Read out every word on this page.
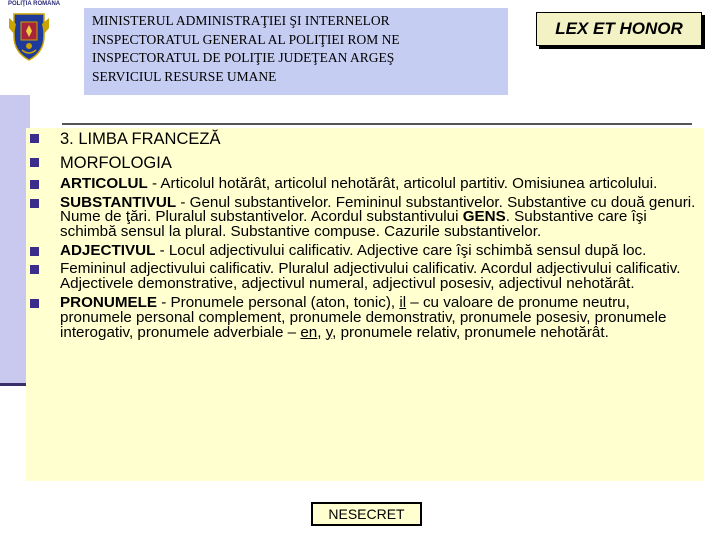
POLIŢIA ROMÂNĂ
MINISTERUL ADMINISTRAŢIEI ŞI INTERNELOR
INSPECTORATUL GENERAL AL POLIŢIEI ROM NE
INSPECTORATUL DE POLIŢIE JUDEŢEAN ARGEŞ
SERVICIUL RESURSE UMANE
LEX ET HONOR
3. LIMBA FRANCEZĂ
MORFOLOGIA
ARTICOLUL - Articolul hotărât, articolul nehotărât, articolul partitiv. Omisiunea articolului.
SUBSTANTIVUL - Genul substantivelor. Femininul substantivelor. Substantive cu două genuri. Nume de ţări. Pluralul substantivelor. Acordul substantivului GENS. Substantive care îşi schimbă sensul la plural. Substantive compuse. Cazurile substantivelor.
ADJECTIVUL - Locul adjectivului calificativ. Adjective care îşi schimbă sensul după loc.
Femininul adjectivului calificativ. Pluralul adjectivului calificativ. Acordul adjectivului calificativ. Adjectivele demonstrative, adjectivul numeral, adjectivul posesiv, adjectivul nehotărât.
PRONUMELE - Pronumele personal (aton, tonic), il – cu valoare de pronume neutru, pronumele personal complement, pronumele demonstrativ, pronumele posesiv, pronumele interogativ, pronumele adverbiale – en, y, pronumele relativ, pronumele nehotărât.
NESECRET
